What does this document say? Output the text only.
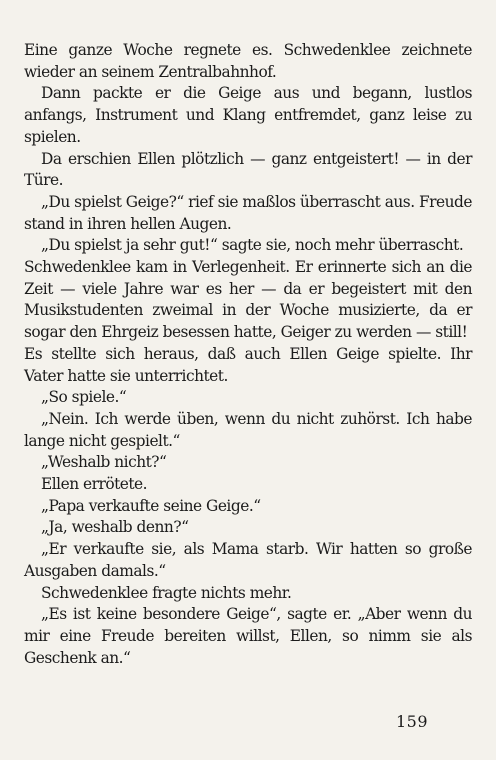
Eine ganze Woche regnete es. Schwedenklee zeichnete wieder an seinem Zentralbahnhof.

Dann packte er die Geige aus und begann, lustlos anfangs, Instrument und Klang entfremdet, ganz leise zu spielen.

Da erschien Ellen plötzlich — ganz entgeistert! — in der Türe.

„Du spielst Geige?“ rief sie maßlos überrascht aus. Freude stand in ihren hellen Augen.

„Du spielst ja sehr gut!“ sagte sie, noch mehr überrascht.

Schwedenklee kam in Verlegenheit. Er erinnerte sich an die Zeit — viele Jahre war es her — da er begeistert mit den Musikstudenten zweimal in der Woche musizierte, da er sogar den Ehrgeiz besessen hatte, Geiger zu werden — still!

Es stellte sich heraus, daß auch Ellen Geige spielte. Ihr Vater hatte sie unterrichtet.

„So spiele.“

„Nein. Ich werde üben, wenn du nicht zuhörst. Ich habe lange nicht gespielt.“

„Weshalb nicht?“

Ellen errötete.

„Papa verkaufte seine Geige.“

„Ja, weshalb denn?“

„Er verkaufte sie, als Mama starb. Wir hatten so große Ausgaben damals.“

Schwedenklee fragte nichts mehr.

„Es ist keine besondere Geige“, sagte er. „Aber wenn du mir eine Freude bereiten willst, Ellen, so nimm sie als Geschenk an.“

159
